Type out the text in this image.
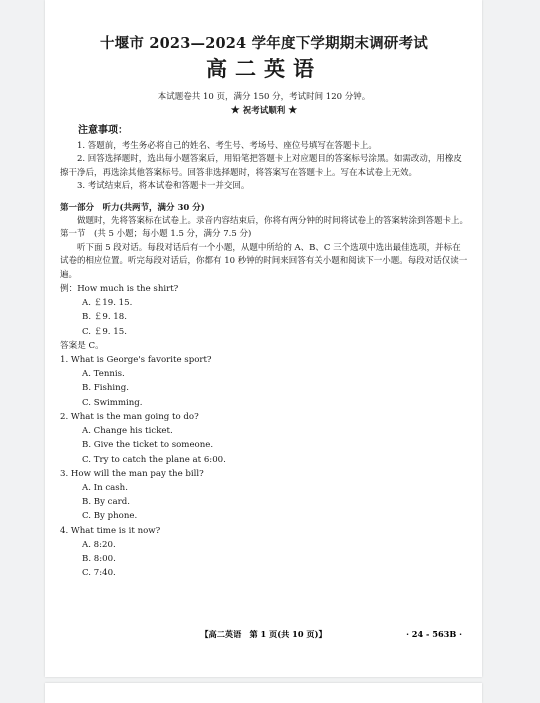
十堰市 2023—2024 学年度下学期期末调研考试
高二英语
本试题卷共 10 页，满分 150 分，考试时间 120 分钟。
★ 祝考试顺利 ★
注意事项：
1. 答题前，考生务必将自己的姓名、考生号、考场号、座位号填写在答题卡上。
2. 回答选择题时，选出每小题答案后，用铅笔把答题卡上对应题目的答案标号涂黑。如需改动，用橡皮擦干净后，再选涂其他答案标号。回答非选择题时，将答案写在答题卡上。写在本试卷上无效。
3. 考试结束后，将本试卷和答题卡一并交回。
第一部分　听力(共两节，满分 30 分)
做题时，先将答案标在试卷上。录音内容结束后，你将有两分钟的时间将试卷上的答案转涂到答题卡上。
第一节　(共 5 小题；每小题 1.5 分，满分 7.5 分)
听下面 5 段对话。每段对话后有一个小题，从题中所给的 A、B、C 三个选项中选出最佳选项，并标在试卷的相应位置。听完每段对话后，你都有 10 秒钟的时间来回答有关小题和阅读下一小题。每段对话仅读一遍。
例：How much is the shirt?
A. ￡19. 15.
B. ￡9. 18.
C. ￡9. 15.
答案是 C。
1. What is George's favorite sport?
A. Tennis.
B. Fishing.
C. Swimming.
2. What is the man going to do?
A. Change his ticket.
B. Give the ticket to someone.
C. Try to catch the plane at 6:00.
3. How will the man pay the bill?
A. In cash.
B. By card.
C. By phone.
4. What time is it now?
A. 8:20.
B. 8:00.
C. 7:40.
【高二英语　第 1 页(共 10 页)】	· 24 - 563B ·
